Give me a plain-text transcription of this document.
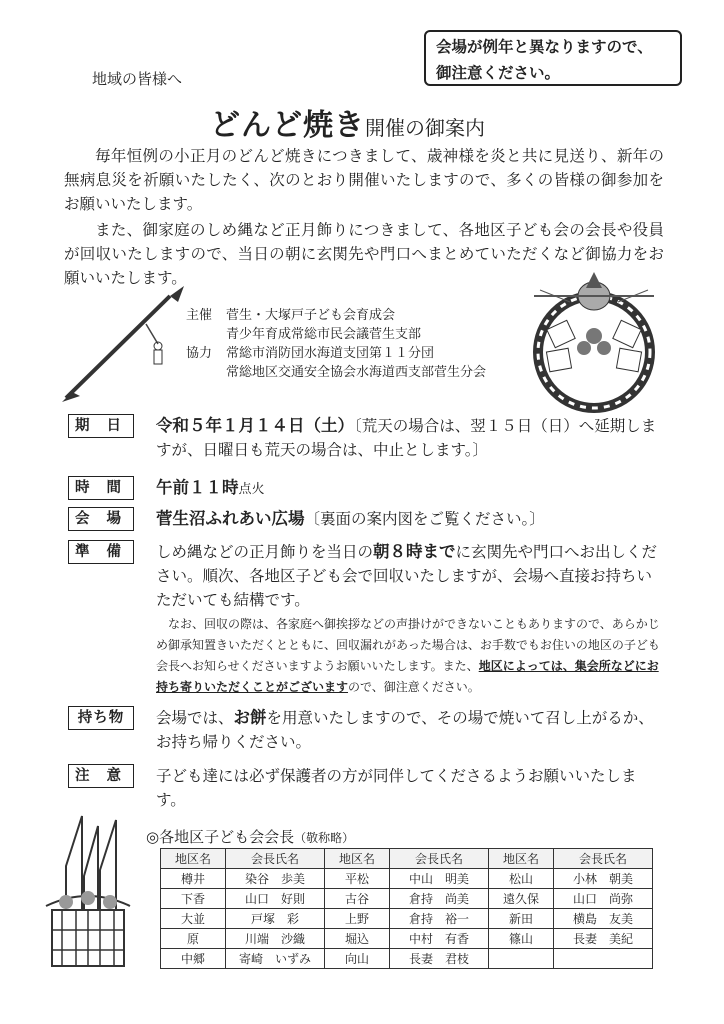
会場が例年と異なりますので、
御注意ください。
地域の皆様へ
どんど焼き開催の御案内
毎年恒例の小正月のどんど焼きにつきまして、歳神様を炎と共に見送り、新年の無病息災を祈願いたしたく、次のとおり開催いたしますので、多くの皆様の御参加をお願いいたします。
また、御家庭のしめ縄など正月飾りにつきまして、各地区子ども会の会長や役員が回収いたしますので、当日の朝に玄関先や門口へまとめていただくなど御協力をお願いいたします。
主催	菅生・大塚戸子ども会育成会
青少年育成常総市民会議菅生支部
協力	常総市消防団水海道支団第１１分団
常総地区交通安全協会水海道西支部菅生分会
期 日	令和５年１月１４日（土）〔荒天の場合は、翌１５日（日）へ延期しますが、日曜日も荒天の場合は、中止とします。〕
時 間	午前１１時点火
会 場	菅生沼ふれあい広場〔裏面の案内図をご覧ください。〕
準 備	しめ縄などの正月飾りを当日の朝８時までに玄関先や門口へお出しください。順次、各地区子ども会で回収いたしますが、会場へ直接お持ちいただいても結構です。
なお、回収の際は、各家庭へ御挨拶などの声掛けができないこともありますので、あらかじめ御承知置きいただくとともに、回収漏れがあった場合は、お手数でもお住いの地区の子ども会長へお知らせくださいますようお願いいたします。また、地区によっては、集会所などにお持ち寄りいただくことがございますので、御注意ください。
持ち物	会場では、お餅を用意いたしますので、その場で焼いて召し上がるか、お持ち帰りください。
注 意	子ども達には必ず保護者の方が同伴してくださるようお願いいたします。
◎各地区子ども会会長（敬称略）
地区名	会長氏名	地区名	会長氏名	地区名	会長氏名
樽井	染谷　歩美	平松	中山　明美	松山	小林　朝美
下香	山口　好則	古谷	倉持　尚美	遠久保	山口　尚弥
大並	戸塚　彩	上野	倉持　裕一	新田	横島　友美
原	川端　沙織	堀込	中村　有香	篠山	長妻　美紀
中郷	寄崎　いずみ	向山	長妻　君枝		
